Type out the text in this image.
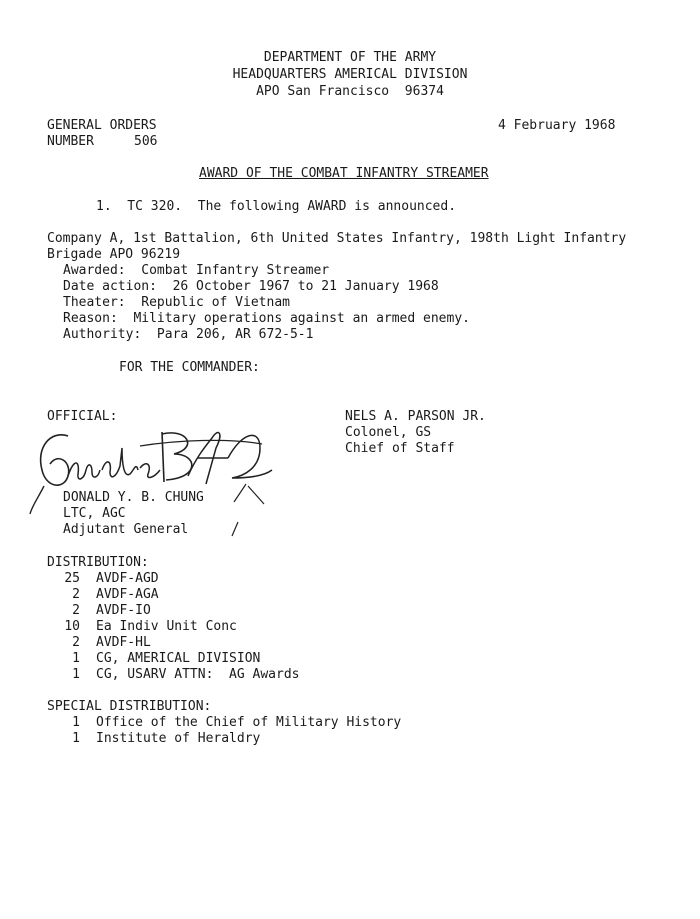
DEPARTMENT OF THE ARMY
HEADQUARTERS AMERICAL DIVISION
APO San Francisco  96374
GENERAL ORDERS
NUMBER	506
4 February 1968
AWARD OF THE COMBAT INFANTRY STREAMER
1.  TC 320.  The following AWARD is announced.
Company A, 1st Battalion, 6th United States Infantry, 198th Light Infantry
Brigade APO 96219
Awarded:  Combat Infantry Streamer
Date action:  26 October 1967 to 21 January 1968
Theater:  Republic of Vietnam
Reason:  Military operations against an armed enemy.
Authority:  Para 206, AR 672-5-1
FOR THE COMMANDER:
OFFICIAL:	NELS A. PARSON JR.
Colonel, GS
Chief of Staff
DONALD Y. B. CHUNG
LTC, AGC
Adjutant General
DISTRIBUTION:
25 AVDF-AGD
2 AVDF-AGA
2 AVDF-IO
10 Ea Indiv Unit Conc
2 AVDF-HL
1 CG, AMERICAL DIVISION
1 CG, USARV ATTN:  AG Awards
SPECIAL DISTRIBUTION:
1 Office of the Chief of Military History
1 Institute of Heraldry
